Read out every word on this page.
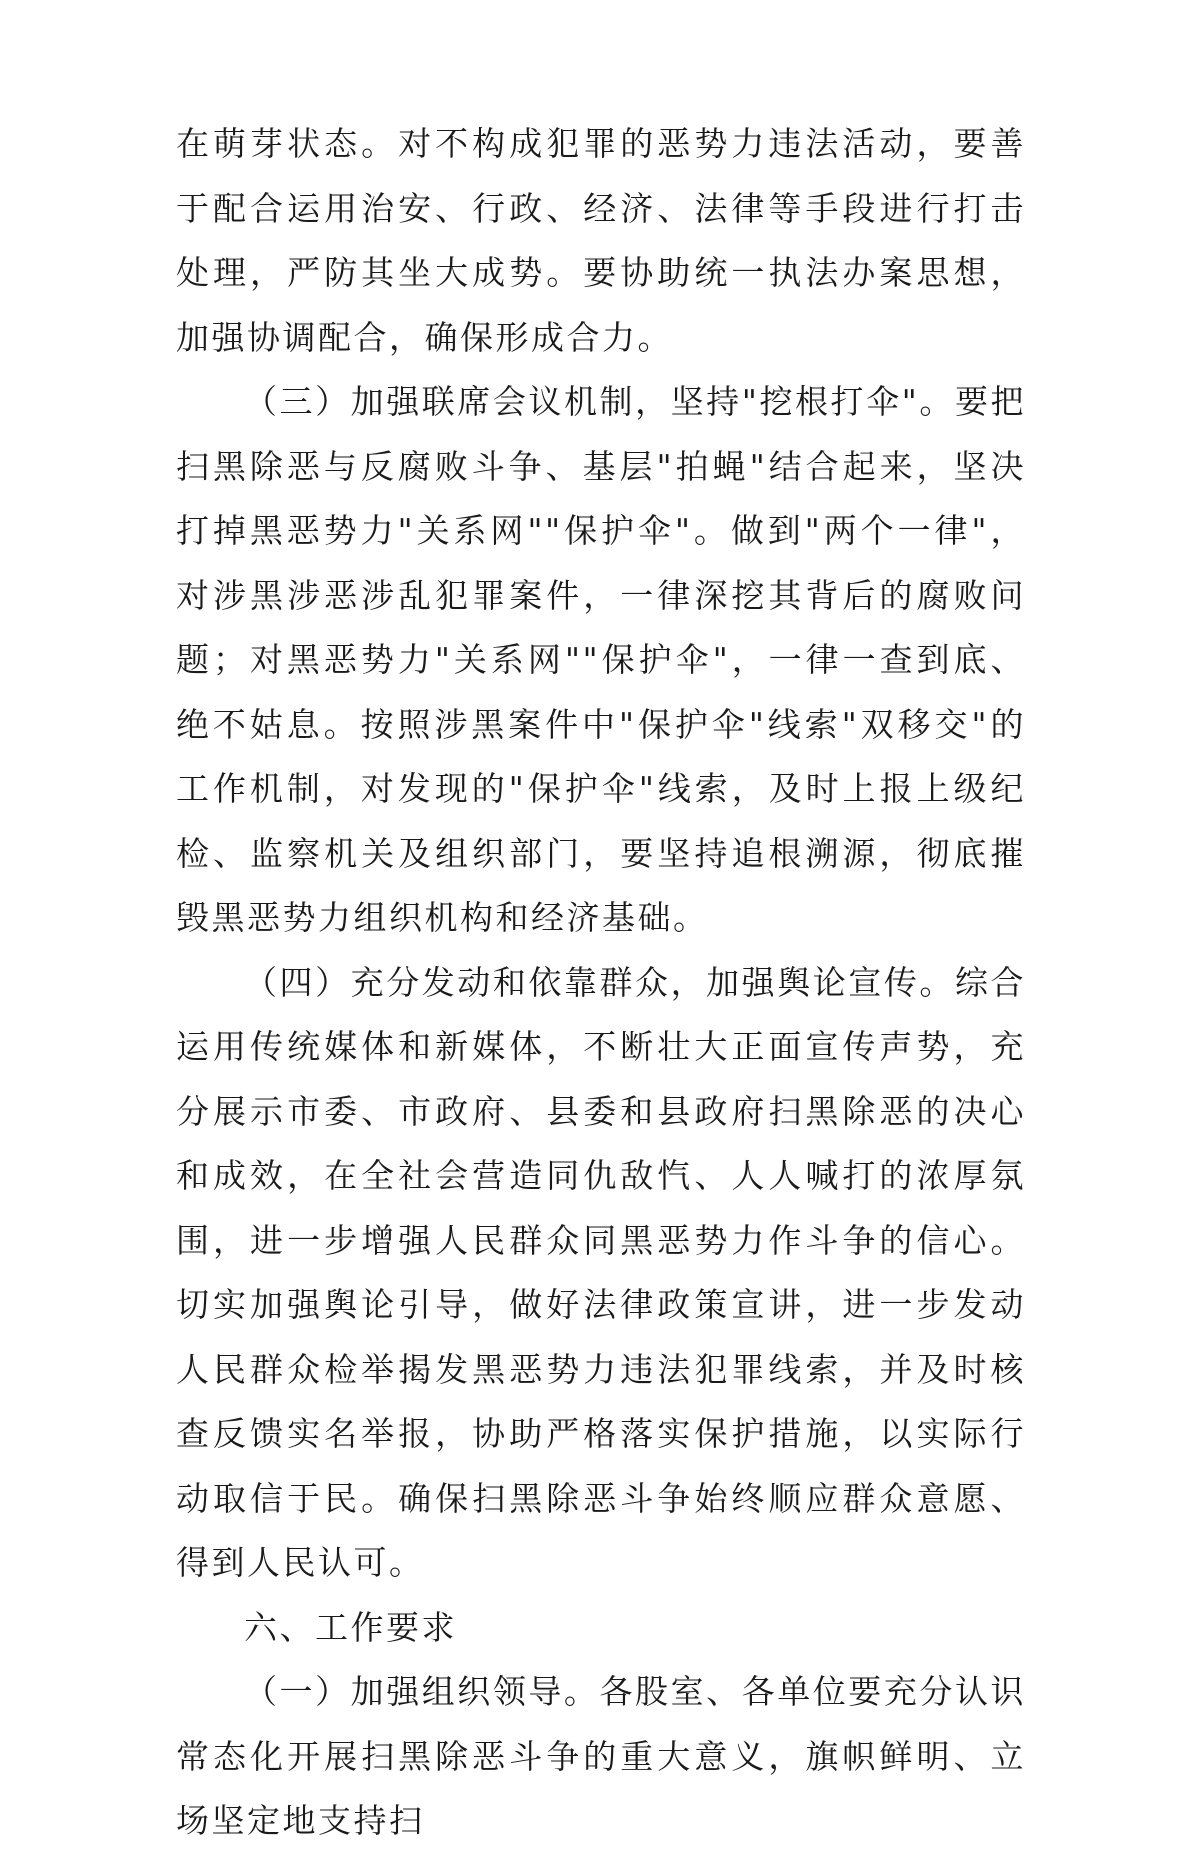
在萌芽状态。对不构成犯罪的恶势力违法活动，要善于配合运用治安、行政、经济、法律等手段进行打击处理，严防其坐大成势。要协助统一执法办案思想，加强协调配合，确保形成合力。

（三）加强联席会议机制，坚持"挖根打伞"。要把扫黑除恶与反腐败斗争、基层"拍蝇"结合起来，坚决打掉黑恶势力"关系网""保护伞"。做到"两个一律"，对涉黑涉恶涉乱犯罪案件，一律深挖其背后的腐败问题；对黑恶势力"关系网""保护伞"，一律一查到底、绝不姑息。按照涉黑案件中"保护伞"线索"双移交"的工作机制，对发现的"保护伞"线索，及时上报上级纪检、监察机关及组织部门，要坚持追根溯源，彻底摧毁黑恶势力组织机构和经济基础。

（四）充分发动和依靠群众，加强舆论宣传。综合运用传统媒体和新媒体，不断壮大正面宣传声势，充分展示市委、市政府、县委和县政府扫黑除恶的决心和成效，在全社会营造同仇敌忾、人人喊打的浓厚氛围，进一步增强人民群众同黑恶势力作斗争的信心。切实加强舆论引导，做好法律政策宣讲，进一步发动人民群众检举揭发黑恶势力违法犯罪线索，并及时核查反馈实名举报，协助严格落实保护措施，以实际行动取信于民。确保扫黑除恶斗争始终顺应群众意愿、得到人民认可。

六、工作要求

（一）加强组织领导。各股室、各单位要充分认识常态化开展扫黑除恶斗争的重大意义，旗帜鲜明、立场坚定地支持扫
